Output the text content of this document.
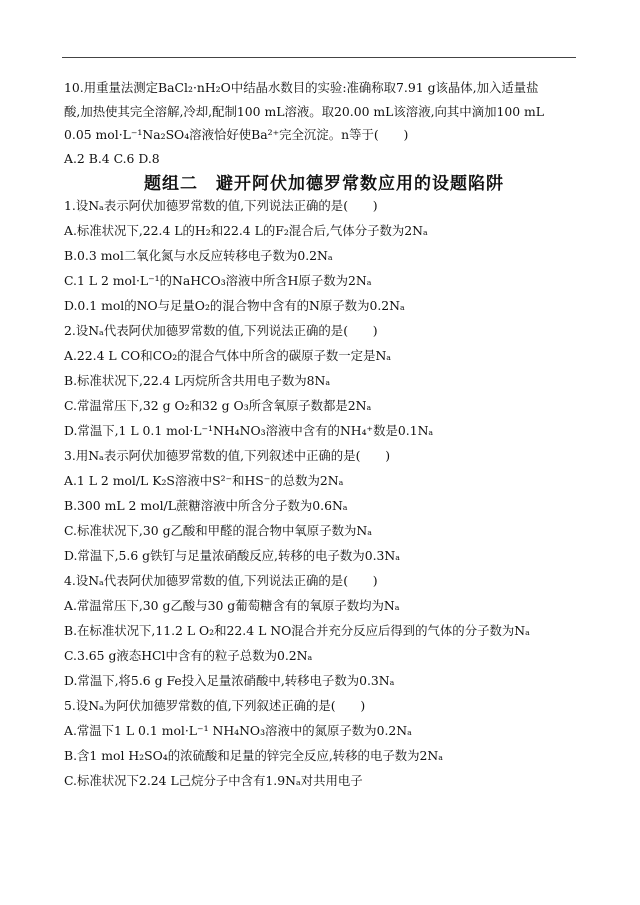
10.用重量法测定BaCl₂·nH₂O中结晶水数目的实验:准确称取7.91 g该晶体,加入适量盐

酸,加热使其完全溶解,冷却,配制100 mL溶液。取20.00 mL该溶液,向其中滴加100 mL

0.05 mol·L⁻¹Na₂SO₄溶液恰好使Ba²⁺完全沉淀。n等于(　　)

A.2 B.4 C.6 D.8

题组二　避开阿伏加德罗常数应用的设题陷阱

1.设Nₐ表示阿伏加德罗常数的值,下列说法正确的是(　　)

A.标准状况下,22.4 L的H₂和22.4 L的F₂混合后,气体分子数为2Nₐ

B.0.3 mol二氧化氮与水反应转移电子数为0.2Nₐ

C.1 L 2 mol·L⁻¹的NaHCO₃溶液中所含H原子数为2Nₐ

D.0.1 mol的NO与足量O₂的混合物中含有的N原子数为0.2Nₐ

2.设Nₐ代表阿伏加德罗常数的值,下列说法正确的是(　　)

A.22.4 L CO和CO₂的混合气体中所含的碳原子数一定是Nₐ

B.标准状况下,22.4 L丙烷所含共用电子数为8Nₐ

C.常温常压下,32 g O₂和32 g O₃所含氧原子数都是2Nₐ

D.常温下,1 L 0.1 mol·L⁻¹NH₄NO₃溶液中含有的NH₄⁺数是0.1Nₐ

3.用Nₐ表示阿伏加德罗常数的值,下列叙述中正确的是(　　)

A.1 L 2 mol/L K₂S溶液中S²⁻和HS⁻的总数为2Nₐ

B.300 mL 2 mol/L蔗糖溶液中所含分子数为0.6Nₐ

C.标准状况下,30 g乙酸和甲醛的混合物中氧原子数为Nₐ

D.常温下,5.6 g铁钉与足量浓硝酸反应,转移的电子数为0.3Nₐ

4.设Nₐ代表阿伏加德罗常数的值,下列说法正确的是(　　)

A.常温常压下,30 g乙酸与30 g葡萄糖含有的氧原子数均为Nₐ

B.在标准状况下,11.2 L O₂和22.4 L NO混合并充分反应后得到的气体的分子数为Nₐ

C.3.65 g液态HCl中含有的粒子总数为0.2Nₐ

D.常温下,将5.6 g Fe投入足量浓硝酸中,转移电子数为0.3Nₐ

5.设Nₐ为阿伏加德罗常数的值,下列叙述正确的是(　　)

A.常温下1 L 0.1 mol·L⁻¹ NH₄NO₃溶液中的氮原子数为0.2Nₐ

B.含1 mol H₂SO₄的浓硫酸和足量的锌完全反应,转移的电子数为2Nₐ

C.标准状况下2.24 L己烷分子中含有1.9Nₐ对共用电子
